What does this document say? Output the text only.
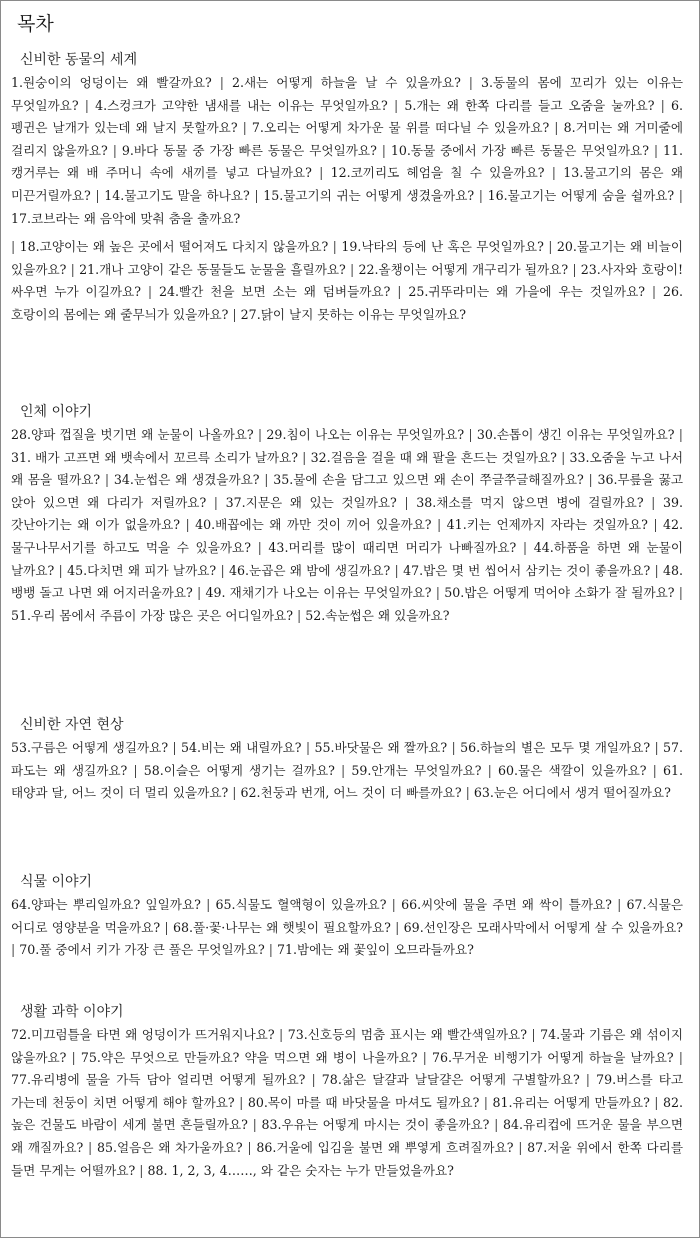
목차
신비한 동물의 세계

1.원숭이의 엉덩이는 왜 빨갈까요? | 2.새는 어떻게 하늘을 날 수 있을까요? | 3.동물의 몸에 꼬리가 있는 이유는 무엇일까요? | 4.스컹크가 고약한 냄새를 내는 이유는 무엇일까요? | 5.개는 왜 한쪽 다리를 들고 오줌을 눌까요? | 6.펭귄은 날개가 있는데 왜 날지 못할까요? | 7.오리는 어떻게 차가운 물 위를 떠다닐 수 있을까요? | 8.거미는 왜 거미줄에 걸리지 않을까요? | 9.바다 동물 중 가장 빠른 동물은 무엇일까요? | 10.동물 중에서 가장 빠른 동물은 무엇일까요? | 11.캥거루는 왜 배 주머니 속에 새끼를 넣고 다닐까요? | 12.코끼리도 헤엄을 칠 수 있을까요? | 13.물고기의 몸은 왜 미끈거릴까요? | 14.물고기도 말을 하나요? | 15.물고기의 귀는 어떻게 생겼을까요? | 16.물고기는 어떻게 숨을 쉴까요? | 17.코브라는 왜 음악에 맞춰 춤을 출까요?

| 18.고양이는 왜 높은 곳에서 떨어져도 다치지 않을까요? | 19.낙타의 등에 난 혹은 무엇일까요? | 20.물고기는 왜 비늘이 있을까요? | 21.개나 고양이 같은 동물들도 눈물을 흘릴까요? | 22.올챙이는 어떻게 개구리가 될까요? | 23.사자와 호랑이! 싸우면 누가 이길까요? | 24.빨간 천을 보면 소는 왜 덤벼들까요? | 25.귀뚜라미는 왜 가을에 우는 것일까요? | 26.호랑이의 몸에는 왜 줄무늬가 있을까요? | 27.닭이 날지 못하는 이유는 무엇일까요?

인체 이야기

28.양파 껍질을 벗기면 왜 눈물이 나올까요? | 29.침이 나오는 이유는 무엇일까요? | 30.손톱이 생긴 이유는 무엇일까요? | 31. 배가 고프면 왜 뱃속에서 꼬르륵 소리가 날까요? | 32.걸음을 걸을 때 왜 팔을 흔드는 것일까요? | 33.오줌을 누고 나서 왜 몸을 떨까요? | 34.눈썹은 왜 생겼을까요? | 35.물에 손을 담그고 있으면 왜 손이 쭈글쭈글해질까요? | 36.무릎을 꿇고 앉아 있으면 왜 다리가 저릴까요? | 37.지문은 왜 있는 것일까요? | 38.채소를 먹지 않으면 병에 걸릴까요? | 39.갓난아기는 왜 이가 없을까요? | 40.배꼽에는 왜 까만 것이 끼어 있을까요? | 41.키는 언제까지 자라는 것일까요? | 42.물구나무서기를 하고도 먹을 수 있을까요? | 43.머리를 많이 때리면 머리가 나빠질까요? | 44.하품을 하면 왜 눈물이 날까요? | 45.다치면 왜 피가 날까요? | 46.눈곱은 왜 밤에 생길까요? | 47.밥은 몇 번 씹어서 삼키는 것이 좋을까요? | 48.뱅뱅 돌고 나면 왜 어지러울까요? | 49. 재채기가 나오는 이유는 무엇일까요? | 50.밥은 어떻게 먹어야 소화가 잘 될까요? | 51.우리 몸에서 주름이 가장 많은 곳은 어디일까요? | 52.속눈썹은 왜 있을까요?

신비한 자연 현상

53.구름은 어떻게 생길까요? | 54.비는 왜 내릴까요? | 55.바닷물은 왜 짤까요? | 56.하늘의 별은 모두 몇 개일까요? | 57.파도는 왜 생길까요? | 58.이슬은 어떻게 생기는 걸까요? | 59.안개는 무엇일까요? | 60.물은 색깔이 있을까요? | 61. 태양과 달, 어느 것이 더 멀리 있을까요? | 62.천둥과 번개, 어느 것이 더 빠를까요? | 63.눈은 어디에서 생겨 떨어질까요?

식물 이야기

64.양파는 뿌리일까요? 잎일까요? | 65.식물도 혈액형이 있을까요? | 66.씨앗에 물을 주면 왜 싹이 틀까요? | 67.식물은 어디로 영양분을 먹을까요? | 68.풀·꽃·나무는 왜 햇빛이 필요할까요? | 69.선인장은 모래사막에서 어떻게 살 수 있을까요? | 70.풀 중에서 키가 가장 큰 풀은 무엇일까요? | 71.밤에는 왜 꽃잎이 오므라들까요?

생활 과학 이야기

72.미끄럼틀을 타면 왜 엉덩이가 뜨거워지나요? | 73.신호등의 멈춤 표시는 왜 빨간색일까요? | 74.물과 기름은 왜 섞이지 않을까요? | 75.약은 무엇으로 만들까요? 약을 먹으면 왜 병이 나을까요? | 76.무거운 비행기가 어떻게 하늘을 날까요? | 77.유리병에 물을 가득 담아 얼리면 어떻게 될까요? | 78.삶은 달걀과 날달걀은 어떻게 구별할까요? | 79.버스를 타고 가는데 천둥이 치면 어떻게 해야 할까요? | 80.목이 마를 때 바닷물을 마셔도 될까요? | 81.유리는 어떻게 만들까요? | 82.높은 건물도 바람이 세게 불면 흔들릴까요? | 83.우유는 어떻게 마시는 것이 좋을까요? | 84.유리컵에 뜨거운 물을 부으면 왜 깨질까요? | 85.얼음은 왜 차가울까요? | 86.거울에 입김을 불면 왜 뿌옇게 흐려질까요? | 87.저울 위에서 한쪽 다리를 들면 무게는 어떨까요? | 88. 1, 2, 3, 4……, 와 같은 숫자는 누가 만들었을까요?
